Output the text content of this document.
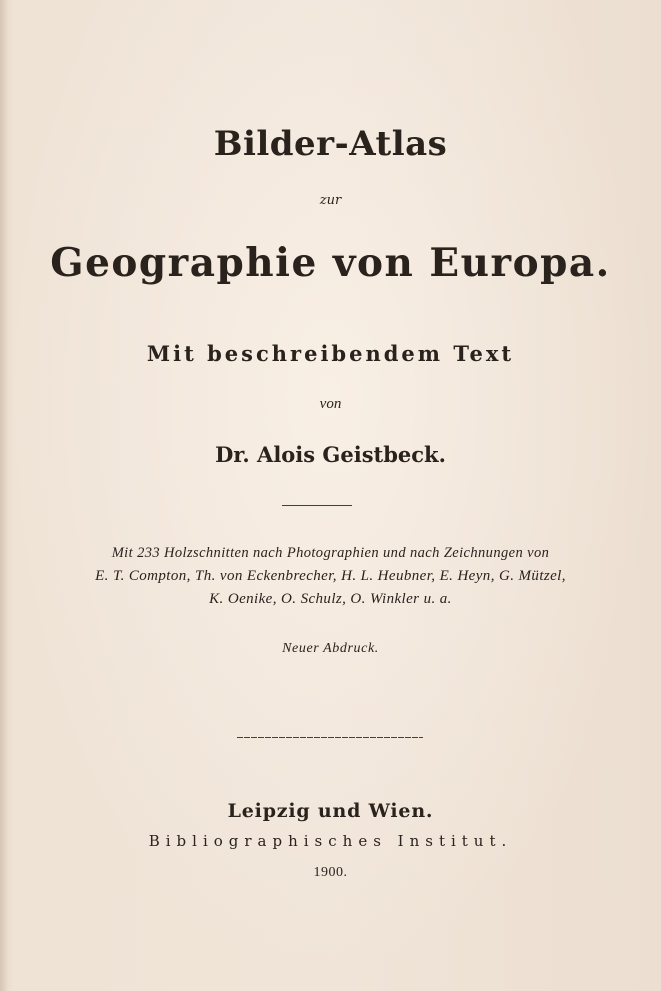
Bilder-Atlas
zur
Geographie von Europa.
Mit beschreibendem Text
von
Dr. Alois Geistbeck.
Mit 233 Holzschnitten nach Photographien und nach Zeichnungen von
E. T. Compton, Th. von Eckenbrecher, H. L. Heubner, E. Heyn, G. Mützel,
K. Oenike, O. Schulz, O. Winkler u. a.
Neuer Abdruck.
Leipzig und Wien.
Bibliographisches Institut.
1900.
